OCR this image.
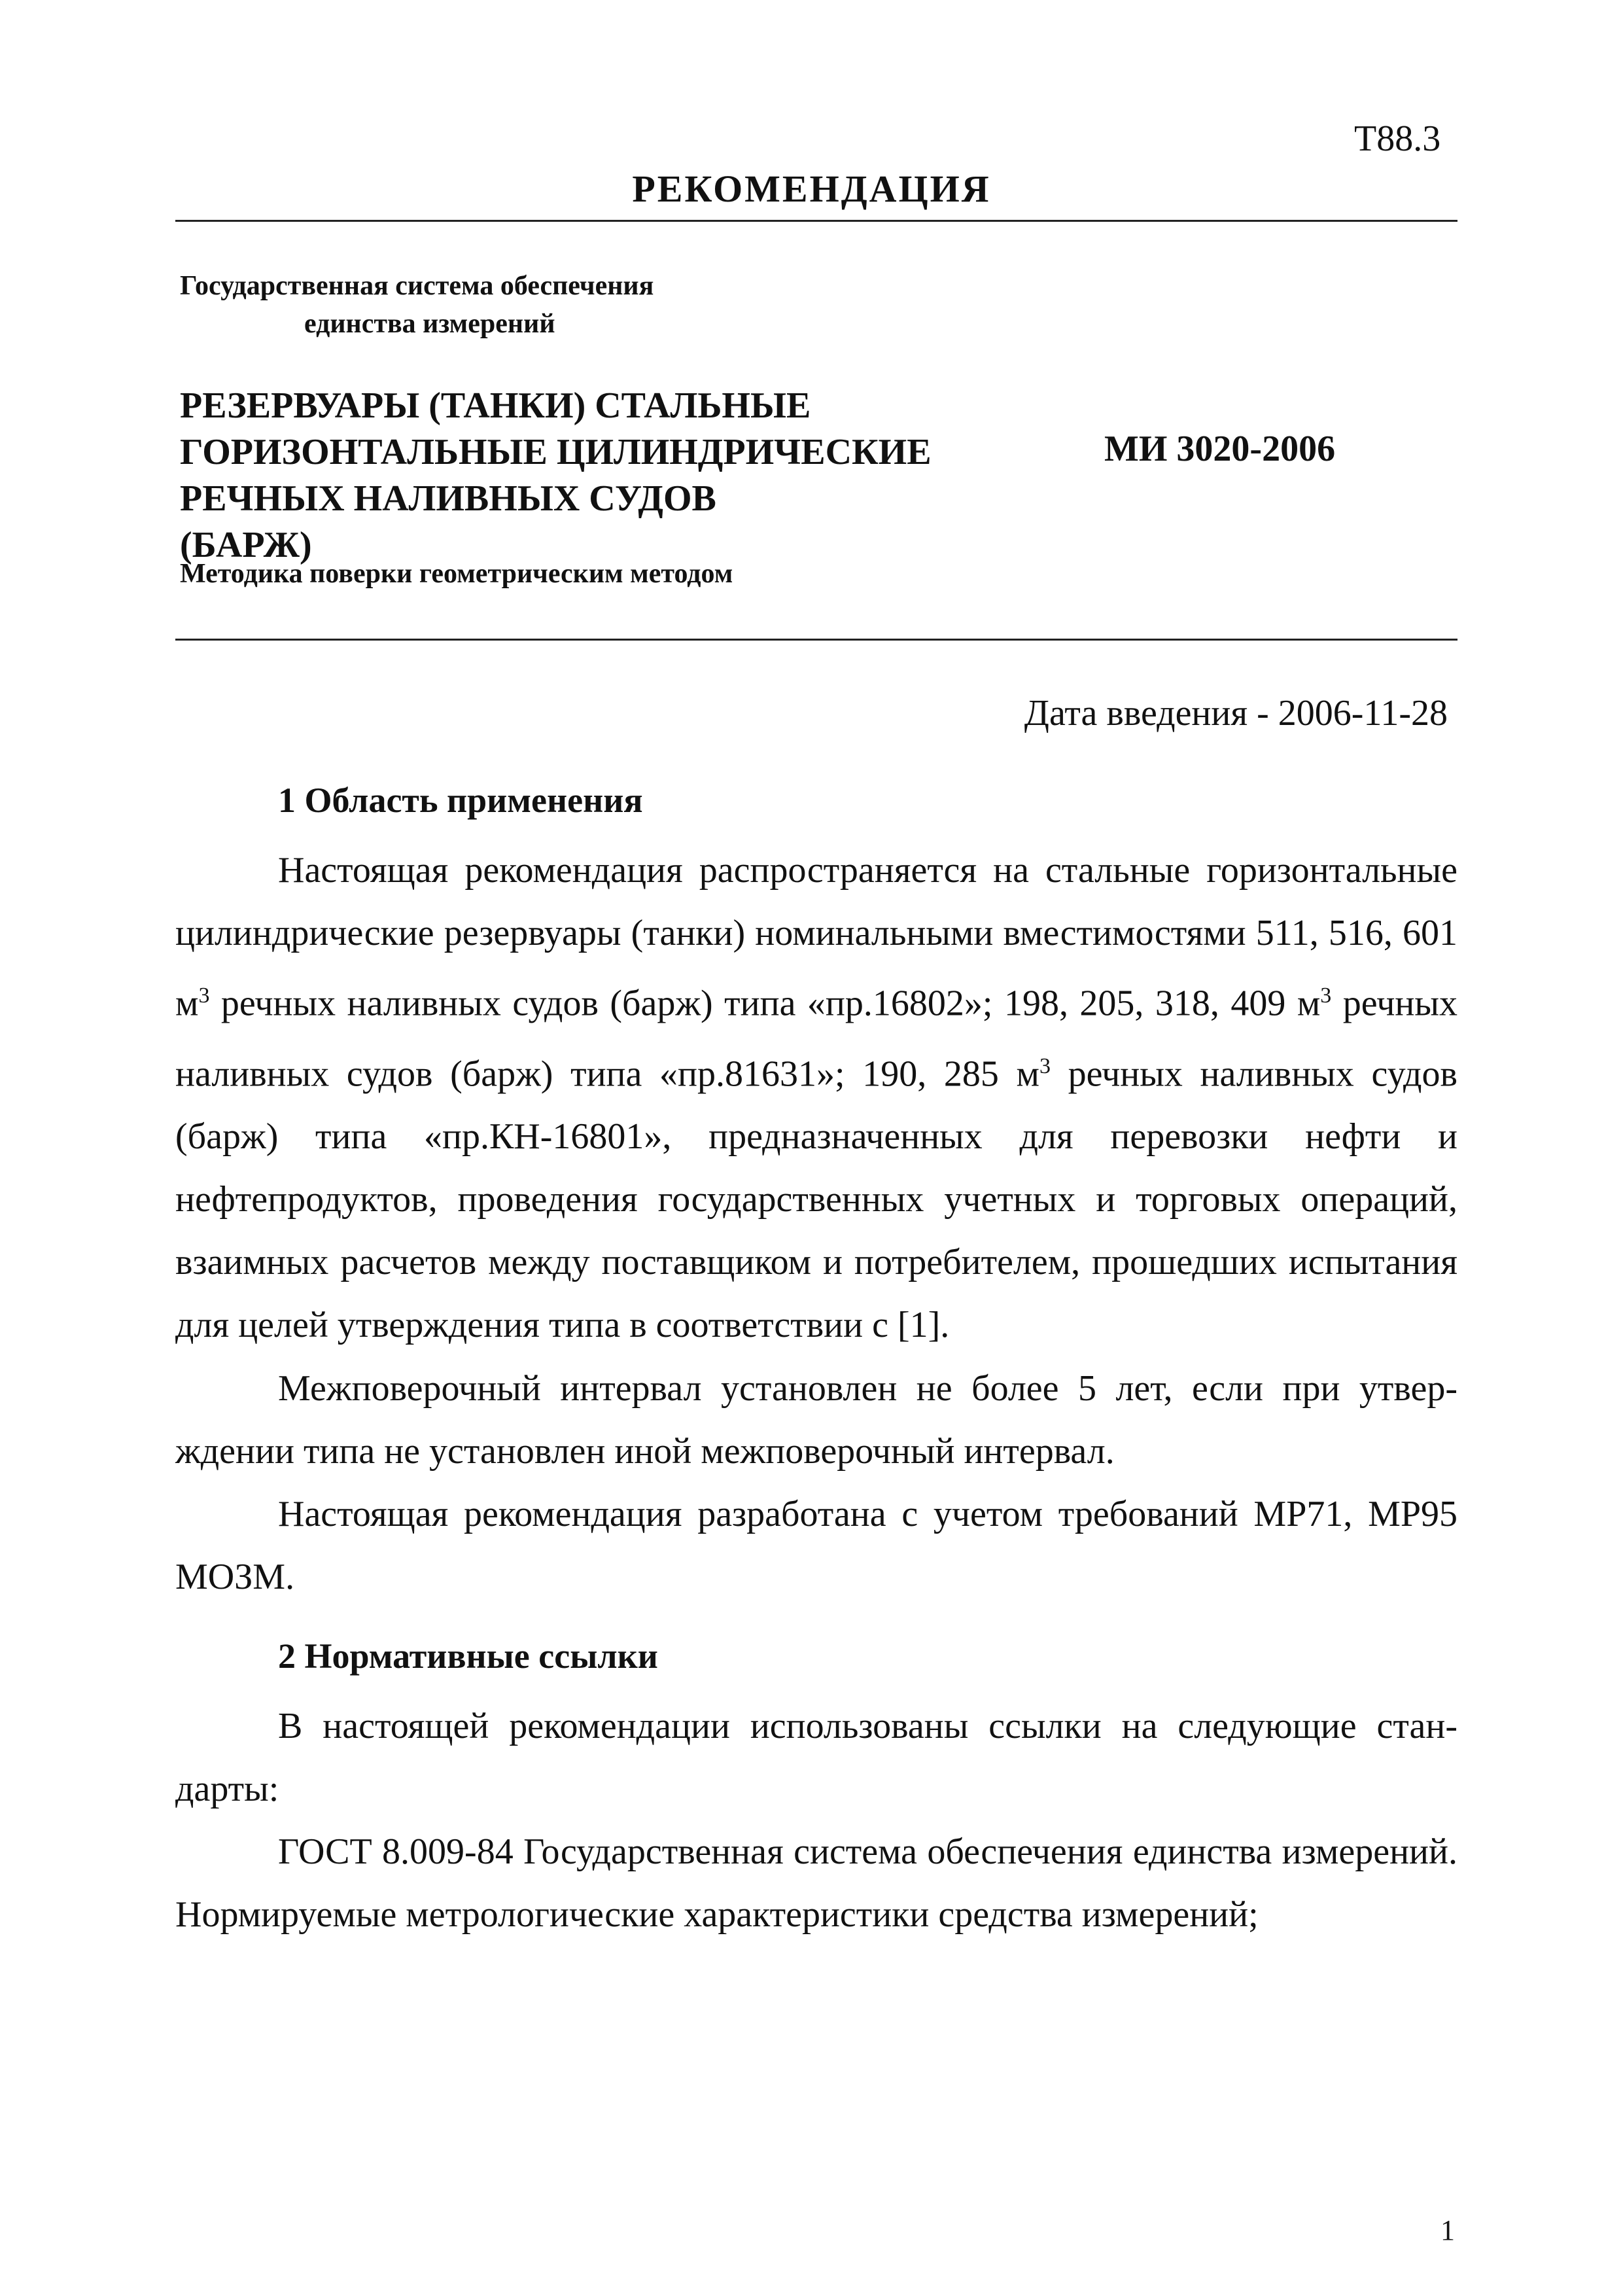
Т88.3
РЕКОМЕНДАЦИЯ
Государственная система обеспечения
единства измерений
РЕЗЕРВУАРЫ (ТАНКИ) СТАЛЬНЫЕ
ГОРИЗОНТАЛЬНЫЕ ЦИЛИНДРИЧЕСКИЕ
РЕЧНЫХ НАЛИВНЫХ СУДОВ
(БАРЖ)
МИ 3020-2006
Методика поверки геометрическим методом
Дата введения - 2006-11-28
1 Область применения
Настоящая рекомендация распространяется на стальные горизонтальные цилиндрические резервуары (танки) номинальными вместимостями 511, 516, 601 $м^3$ речных наливных судов (барж) типа «пр.16802»; 198, 205, 318, 409 $м^3$ речных наливных судов (барж) типа «пр.81631»; 190, 285 $м^3$ речных наливных судов (барж) типа «пр.КН-16801», предназначенных для перевозки нефти и нефтепродуктов, проведения государственных учетных и торговых операций, взаимных расчетов между поставщиком и потребителем, прошедших испытания для целей утверждения типа в соответствии с [1].
Межповерочный интервал установлен не более 5 лет, если при утверждении типа не установлен иной межповерочный интервал.
Настоящая рекомендация разработана с учетом требований МР71, МР95 МОЗМ.
2 Нормативные ссылки
В настоящей рекомендации использованы ссылки на следующие стандарты:
ГОСТ 8.009-84 Государственная система обеспечения единства измерений. Нормируемые метрологические характеристики средства измерений;
1
